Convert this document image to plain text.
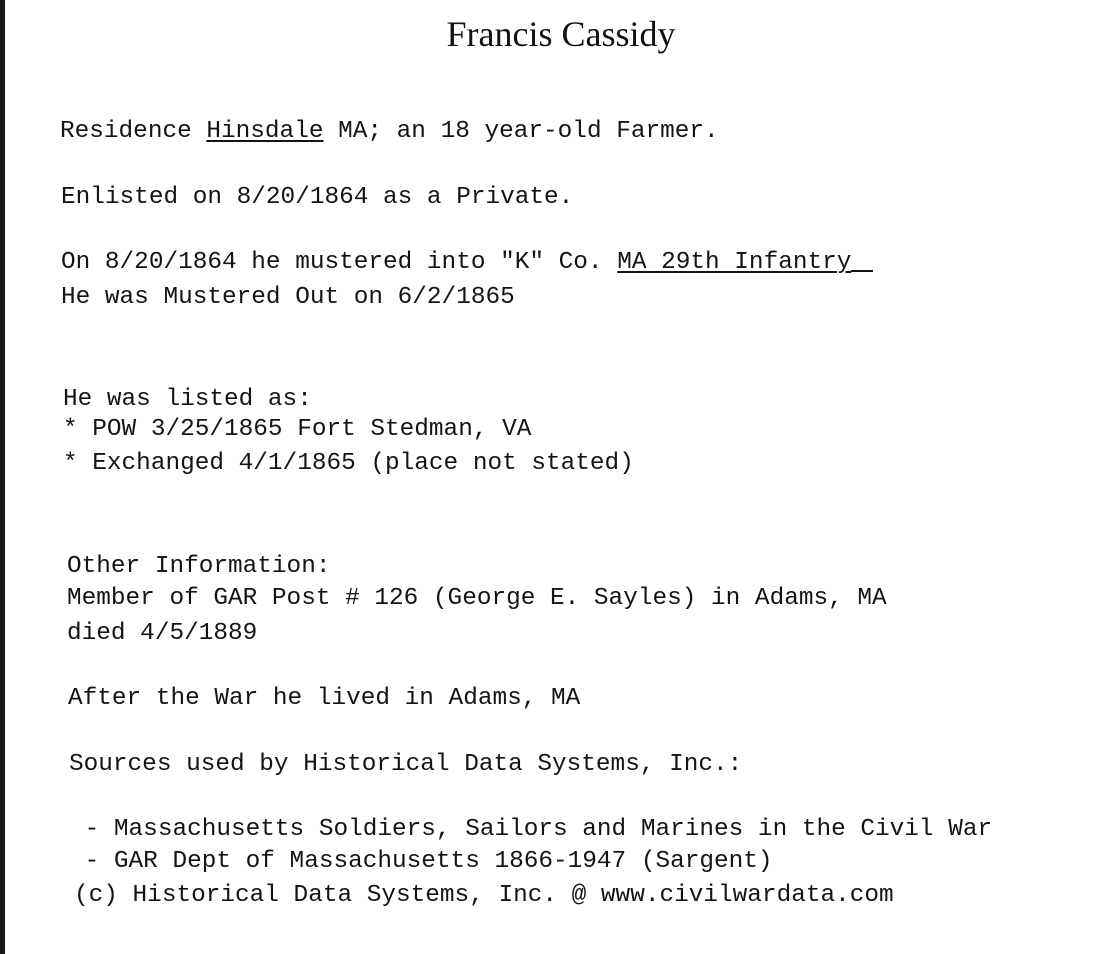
Francis Cassidy

Residence Hinsdale MA; an 18 year-old Farmer.

Enlisted on 8/20/1864 as a Private.

On 8/20/1864 he mustered into "K" Co. MA 29th Infantry

He was Mustered Out on 6/2/1865

He was listed as:

* POW 3/25/1865 Fort Stedman, VA

* Exchanged 4/1/1865 (place not stated)

Other Information:

Member of GAR Post # 126 (George E. Sayles) in Adams, MA

died 4/5/1889

After the War he lived in Adams, MA

Sources used by Historical Data Systems, Inc.:

- Massachusetts Soldiers, Sailors and Marines in the Civil War

- GAR Dept of Massachusetts 1866-1947 (Sargent)

(c) Historical Data Systems, Inc. @ www.civilwardata.com
